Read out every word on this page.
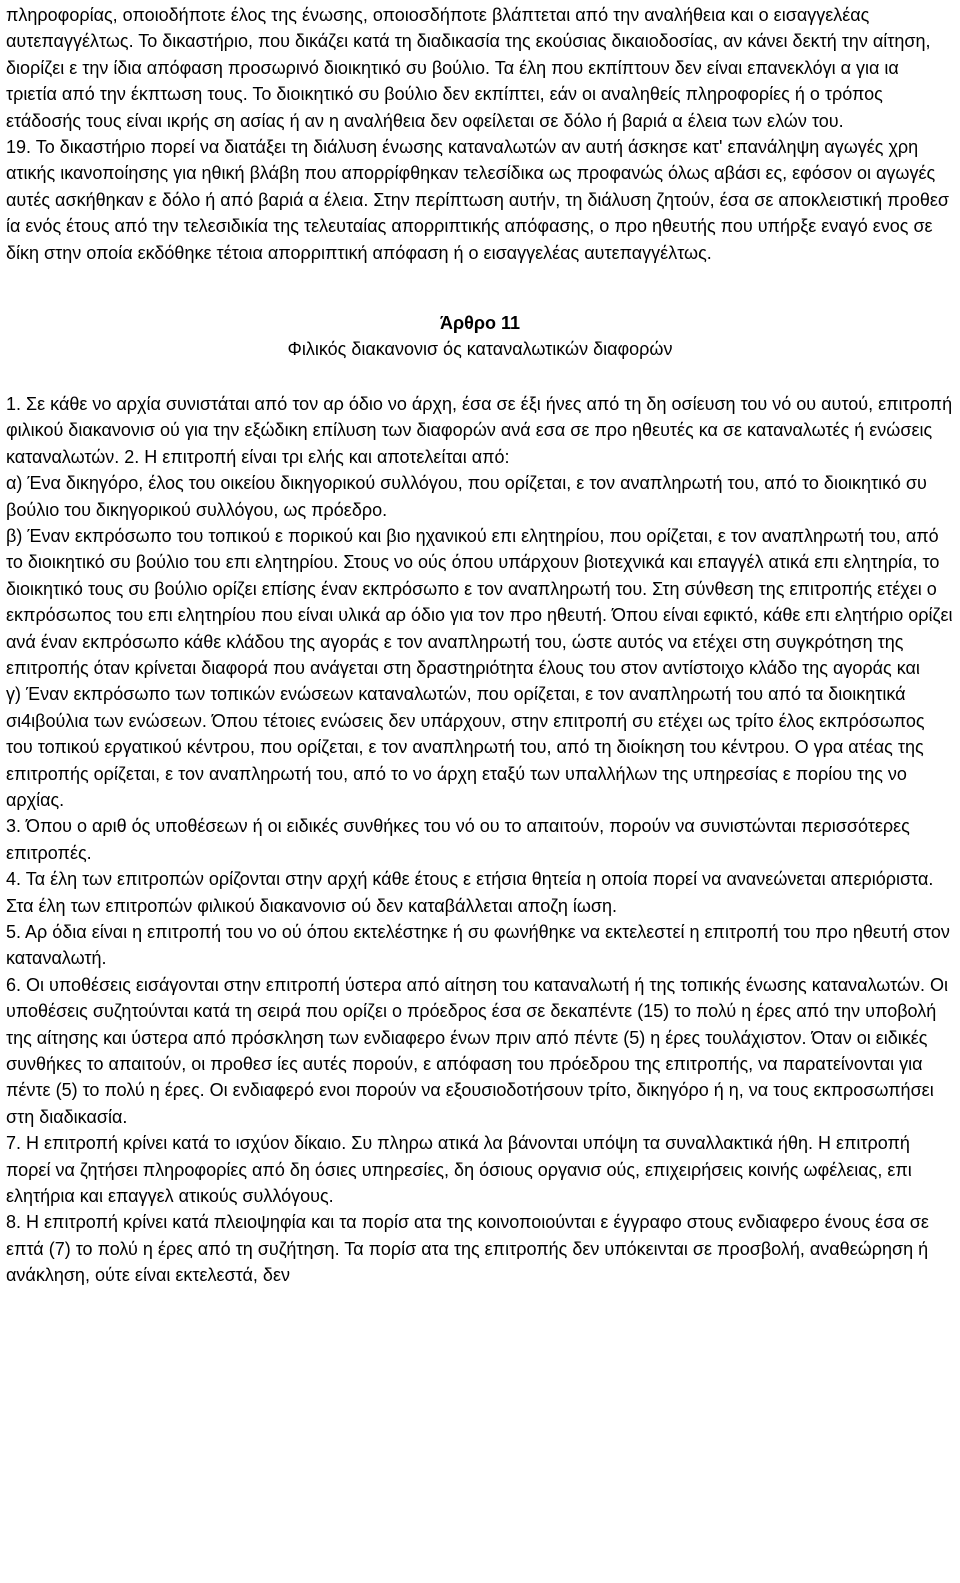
πληροφορίας, οποιοδήποτε έλος της ένωσης, οποιοσδήποτε βλάπτεται από την αναλήθεια και ο εισαγγελέας αυτεπαγγέλτως. Το δικαστήριο, που δικάζει κατά τη διαδικασία της εκούσιας δικαιοδοσίας, αν κάνει δεκτή την αίτηση, διορίζει ε την ίδια απόφαση προσωρινό διοικητικό συ βούλιο. Τα έλη που εκπίπτουν δεν είναι επανεκλόγι α για ια τριετία από την έκπτωση τους. Το διοικητικό συ βούλιο δεν εκπίπτει, εάν οι αναληθείς πληροφορίες ή ο τρόπος ετάδοσής τους είναι ικρής ση ασίας ή αν η αναλήθεια δεν οφείλεται σε δόλο ή βαριά α έλεια των ελών του.

19. Το δικαστήριο πορεί να διατάξει τη διάλυση ένωσης καταναλωτών αν αυτή άσκησε κατ' επανάληψη αγωγές χρη ατικής ικανοποίησης για ηθική βλάβη που απορρίφθηκαν τελεσίδικα ως προφανώς όλως αβάσι ες, εφόσον οι αγωγές αυτές ασκήθηκαν ε δόλο ή από βαριά α έλεια. Στην περίπτωση αυτήν, τη διάλυση ζητούν, έσα σε αποκλειστική προθεσ ία ενός έτους από την τελεσιδικία της τελευταίας απορριπτικής απόφασης, ο προ ηθευτής που υπήρξε εναγό ενος σε δίκη στην οποία εκδόθηκε τέτοια απορριπτική απόφαση ή ο εισαγγελέας αυτεπαγγέλτως.

Άρθρο 11

Φιλικός διακανονισ ός καταναλωτικών διαφορών

1. Σε κάθε νο αρχία συνιστάται από τον αρ όδιο νο άρχη, έσα σε έξι ήνες από τη δη οσίευση του νό ου αυτού, επιτροπή φιλικού διακανονισ ού για την εξώδικη επίλυση των διαφορών ανά εσα σε προ ηθευτές κα σε καταναλωτές ή ενώσεις καταναλωτών. 2. Η επιτροπή είναι τρι ελής και αποτελείται από:

α) Ένα δικηγόρο, έλος του οικείου δικηγορικού συλλόγου, που ορίζεται, ε τον αναπληρωτή του, από το διοικητικό συ βούλιο του δικηγορικού συλλόγου, ως πρόεδρο.

β) Έναν εκπρόσωπο του τοπικού ε πορικού και βιο ηχανικού επι ελητηρίου, που ορίζεται, ε τον αναπληρωτή του, από το διοικητικό συ βούλιο του επι ελητηρίου. Στους νο ούς όπου υπάρχουν βιοτεχνικά και επαγγέλ ατικά επι ελητηρία, το διοικητικό τους συ βούλιο ορίζει επίσης έναν εκπρόσωπο ε τον αναπληρωτή του. Στη σύνθεση της επιτροπής ετέχει ο εκπρόσωπος του επι ελητηρίου που είναι υλικά αρ όδιο για τον προ ηθευτή. Όπου είναι εφικτό, κάθε επι ελητήριο ορίζει ανά έναν εκπρόσωπο κάθε κλάδου της αγοράς ε τον αναπληρωτή του, ώστε αυτός να ετέχει στη συγκρότηση της επιτροπής όταν κρίνεται διαφορά που ανάγεται στη δραστηριότητα έλους του στον αντίστοιχο κλάδο της αγοράς και

γ) Έναν εκπρόσωπο των τοπικών ενώσεων καταναλωτών, που ορίζεται, ε τον αναπληρωτή του από τα διοικητικά σι4ιβούλια των ενώσεων. Όπου τέτοιες ενώσεις δεν υπάρχουν, στην επιτροπή συ ετέχει ως τρίτο έλος εκπρόσωπος του τοπικού εργατικού κέντρου, που ορίζεται, ε τον αναπληρωτή του, από τη διοίκηση του κέντρου. Ο γρα ατέας της επιτροπής ορίζεται, ε τον αναπληρωτή του, από το νο άρχη εταξύ των υπαλλήλων της υπηρεσίας ε πορίου της νο αρχίας.

3. Όπου ο αριθ ός υποθέσεων ή οι ειδικές συνθήκες του νό ου το απαιτούν, πορούν να συνιστώνται περισσότερες επιτροπές.

4. Τα έλη των επιτροπών ορίζονται στην αρχή κάθε έτους ε ετήσια θητεία η οποία πορεί να ανανεώνεται απεριόριστα. Στα έλη των επιτροπών φιλικού διακανονισ ού δεν καταβάλλεται αποζη ίωση.

5. Αρ όδια είναι η επιτροπή του νο ού όπου εκτελέστηκε ή συ φωνήθηκε να εκτελεστεί η επιτροπή του προ ηθευτή στον καταναλωτή.

6. Οι υποθέσεις εισάγονται στην επιτροπή ύστερα από αίτηση του καταναλωτή ή της τοπικής ένωσης καταναλωτών. Οι υποθέσεις συζητούνται κατά τη σειρά που ορίζει ο πρόεδρος έσα σε δεκαπέντε (15) το πολύ η έρες από την υποβολή της αίτησης και ύστερα από πρόσκληση των ενδιαφερο ένων πριν από πέντε (5) η έρες τουλάχιστον. Όταν οι ειδικές συνθήκες το απαιτούν, οι προθεσ ίες αυτές πορούν, ε απόφαση του πρόεδρου της επιτροπής, να παρατείνονται για πέντε (5) το πολύ η έρες. Οι ενδιαφερό ενοι πορούν να εξουσιοδοτήσουν τρίτο, δικηγόρο ή η, να τους εκπροσωπήσει στη διαδικασία.

7. Η επιτροπή κρίνει κατά το ισχύον δίκαιο. Συ πληρω ατικά λα βάνονται υπόψη τα συναλλακτικά ήθη. Η επιτροπή πορεί να ζητήσει πληροφορίες από δη όσιες υπηρεσίες, δη όσιους οργανισ ούς, επιχειρήσεις κοινής ωφέλειας, επι ελητήρια και επαγγελ ατικούς συλλόγους.

8. Η επιτροπή κρίνει κατά πλειοψηφία και τα πορίσ ατα της κοινοποιούνται ε έγγραφο στους ενδιαφερο ένους έσα σε επτά (7) το πολύ η έρες από τη συζήτηση. Τα πορίσ ατα της επιτροπής δεν υπόκεινται σε προσβολή, αναθεώρηση ή ανάκληση, ούτε είναι εκτελεστά, δεν
